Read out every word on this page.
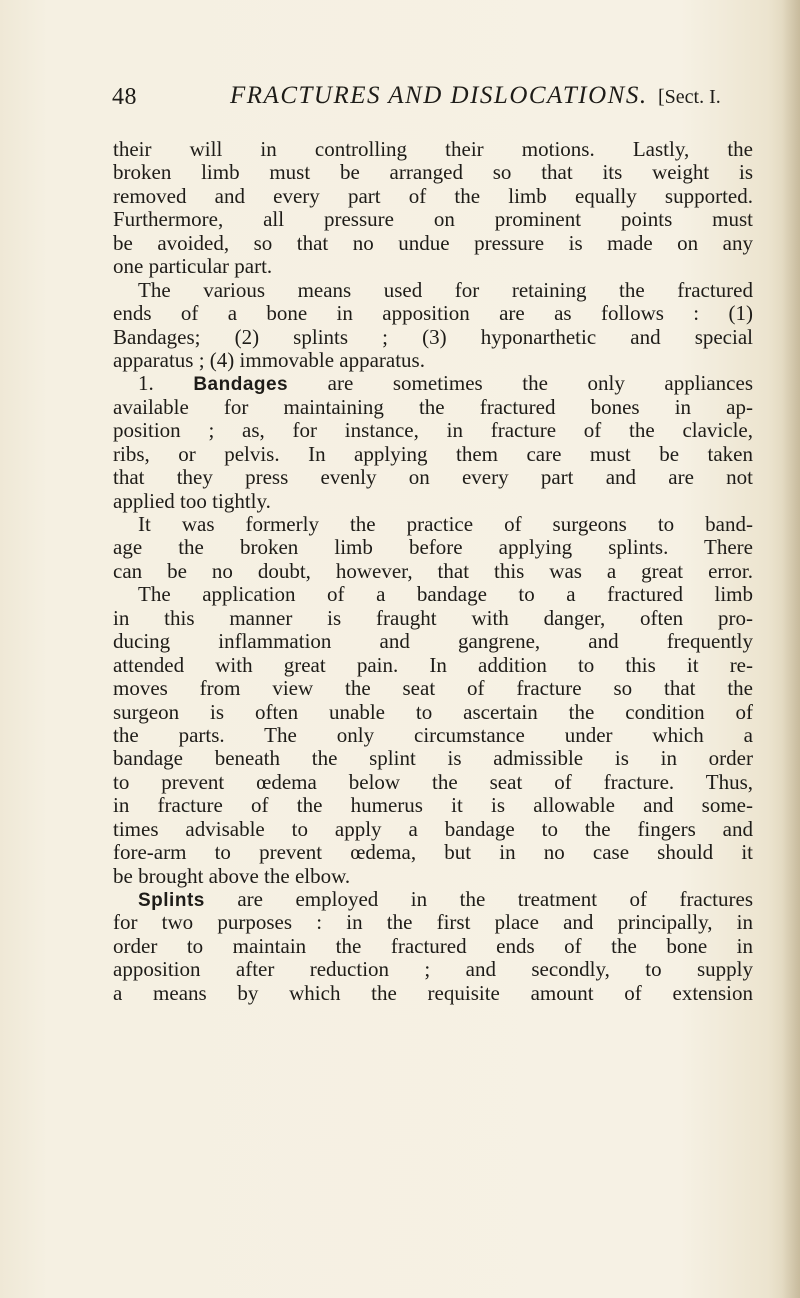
48	FRACTURES AND DISLOCATIONS. [Sect. I.
their will in controlling their motions. Lastly, the
broken limb must be arranged so that its weight is
removed and every part of the limb equally supported.
Furthermore, all pressure on prominent points must
be avoided, so that no undue pressure is made on any
one particular part.
The various means used for retaining the fractured
ends of a bone in apposition are as follows : (1)
Bandages; (2) splints ; (3) hyponarthetic and special
apparatus ; (4) immovable apparatus.
1. Bandages are sometimes the only appliances
available for maintaining the fractured bones in ap-
position ; as, for instance, in fracture of the clavicle,
ribs, or pelvis. In applying them care must be taken
that they press evenly on every part and are not
applied too tightly.
It was formerly the practice of surgeons to band-
age the broken limb before applying splints. There
can be no doubt, however, that this was a great error.
The application of a bandage to a fractured limb
in this manner is fraught with danger, often pro-
ducing inflammation and gangrene, and frequently
attended with great pain. In addition to this it re-
moves from view the seat of fracture so that the
surgeon is often unable to ascertain the condition of
the parts. The only circumstance under which a
bandage beneath the splint is admissible is in order
to prevent œdema below the seat of fracture. Thus,
in fracture of the humerus it is allowable and some-
times advisable to apply a bandage to the fingers and
fore-arm to prevent œdema, but in no case should it
be brought above the elbow.
Splints are employed in the treatment of fractures
for two purposes : in the first place and principally, in
order to maintain the fractured ends of the bone in
apposition after reduction ; and secondly, to supply
a means by which the requisite amount of extension
